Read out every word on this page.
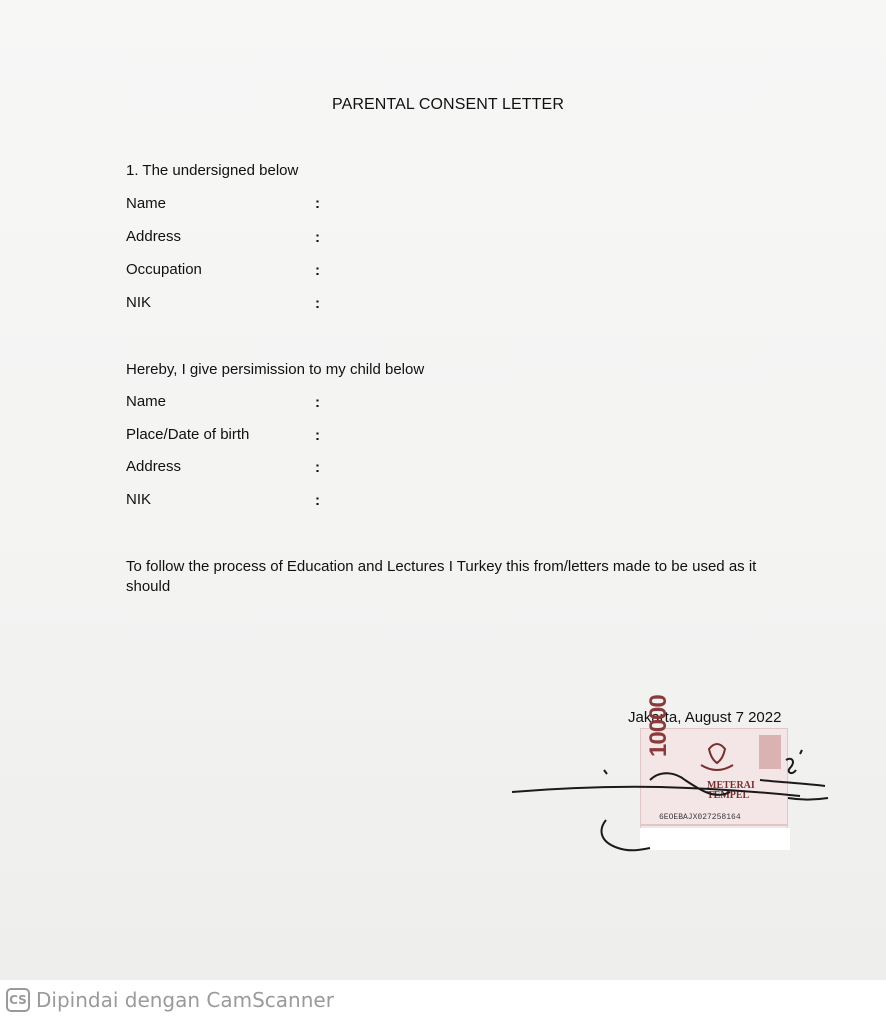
PARENTAL CONSENT LETTER
1. The undersigned below
Name	:
Address	:
Occupation	:
NIK	:
Hereby, I give persimission to my child below
Name	:
Place/Date of birth	:
Address	:
NIK	:
To follow the process of Education and Lectures I Turkey this from/letters made to be used as it should
Jakarta, August 7 2022
10000
METERAI
TEMPEL
6EOEBAJX027258164
CS Dipindai dengan CamScanner
